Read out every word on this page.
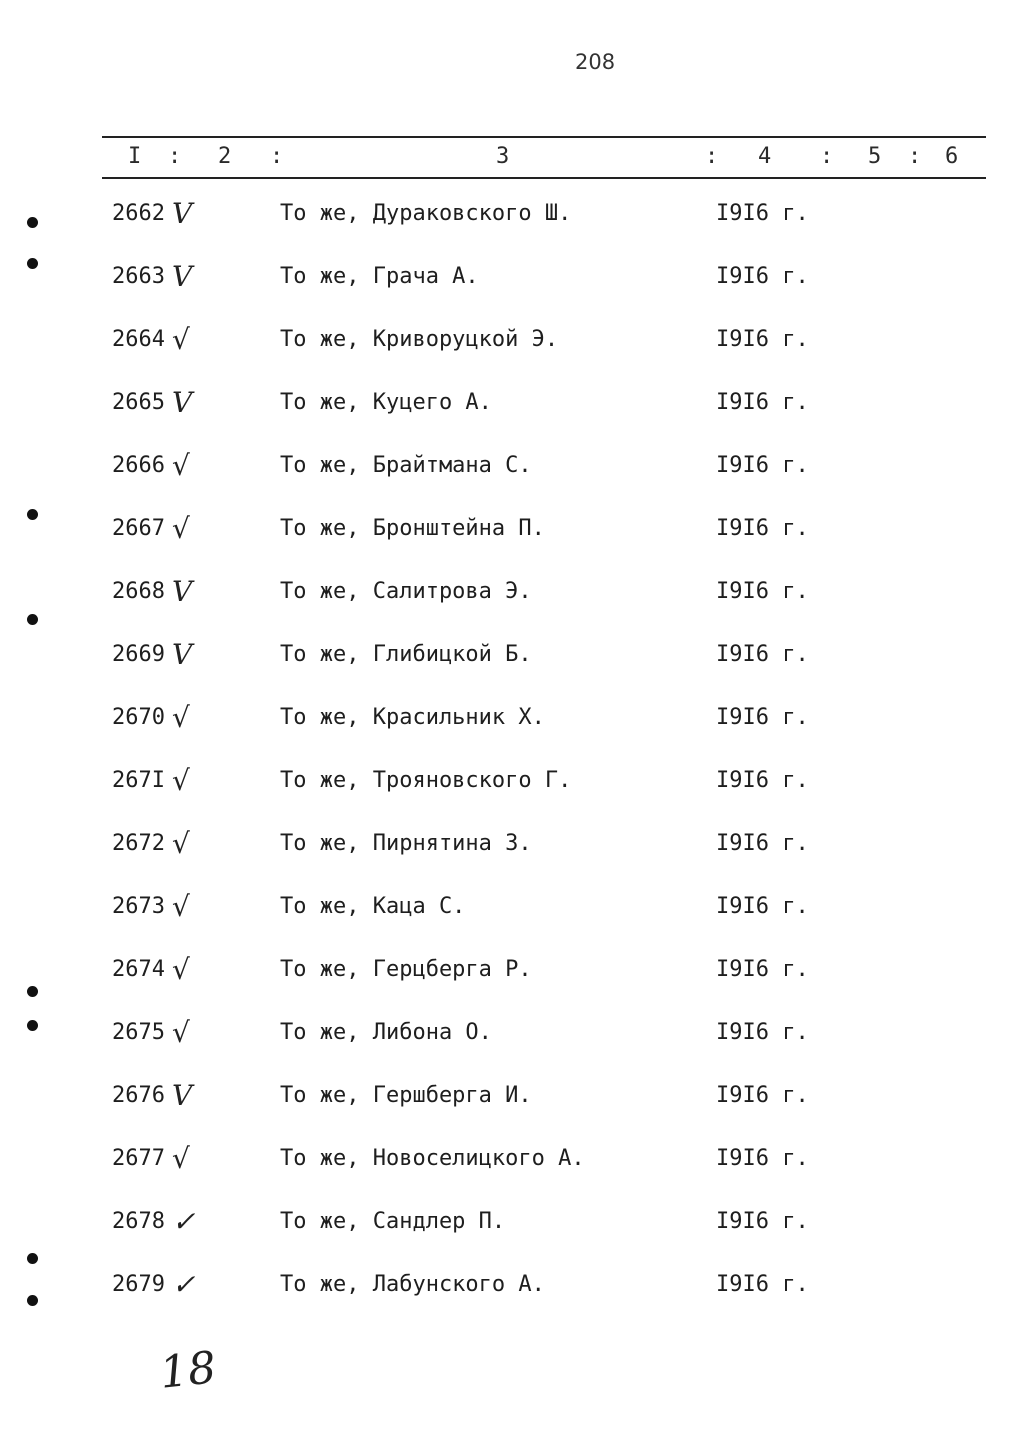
208
I : 2 :	3	: 4 : 5 : 6
2662 V	То же, Дураковского Ш.	I9I6 г.
2663 V	То же, Грача А.	I9I6 г.
2664 √	То же, Криворуцкой Э.	I9I6 г.
2665 V	То же, Куцего А.	I9I6 г.
2666 √	То же, Брайтмана С.	I9I6 г.
2667 √	То же, Бронштейна П.	I9I6 г.
2668 V	То же, Салитрова Э.	I9I6 г.
2669 V	То же, Глибицкой Б.	I9I6 г.
2670 √	То же, Красильник Х.	I9I6 г.
267I √	То же, Трояновского Г.	I9I6 г.
2672 √	То же, Пирнятина З.	I9I6 г.
2673 √	То же, Каца С.	I9I6 г.
2674 √	То же, Герцберга Р.	I9I6 г.
2675 √	То же, Либона О.	I9I6 г.
2676 V	То же, Гершберга И.	I9I6 г.
2677 √	То же, Новоселицкого А.	I9I6 г.
2678 ✓	То же, Сандлер П.	I9I6 г.
2679 ✓	То же, Лабунского А.	I9I6 г.
18
